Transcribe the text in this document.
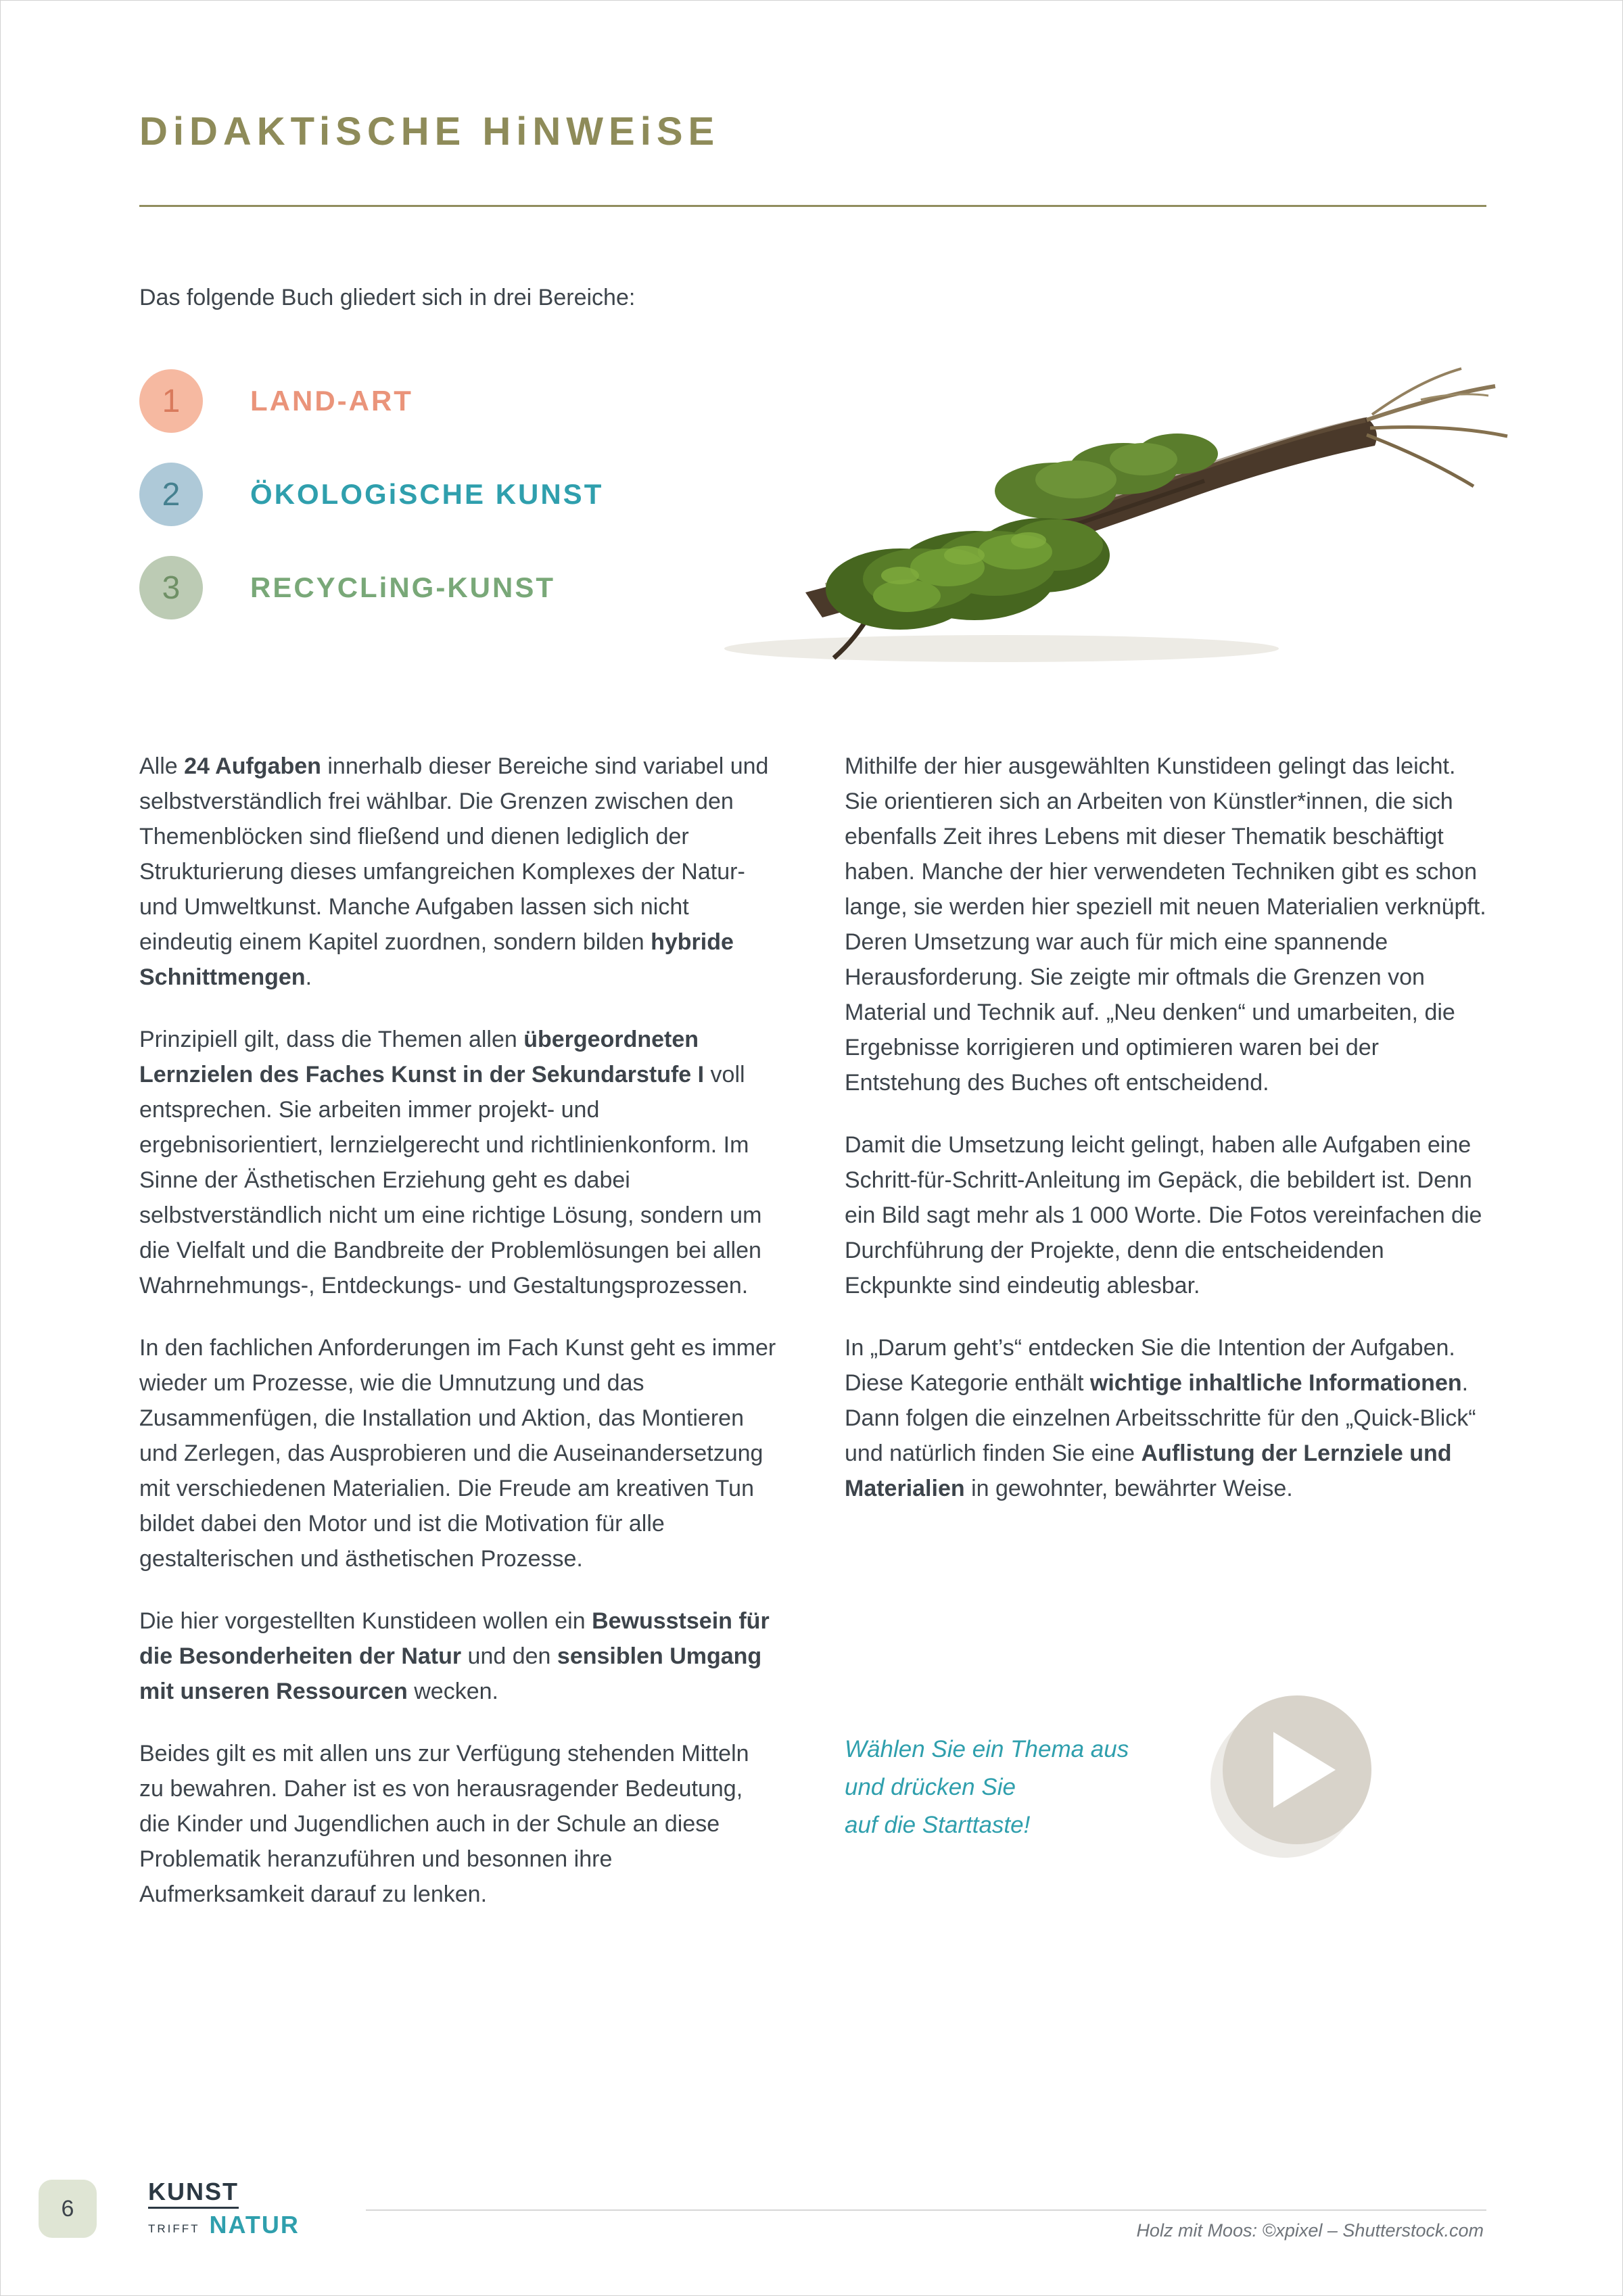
DiDAKTiSCHE HiNWEiSE
Das folgende Buch gliedert sich in drei Bereiche:
1	LAND-ART
2	ÖKOLOGiSCHE KUNST
3	RECYCLiNG-KUNST

Alle 24 Aufgaben innerhalb dieser Bereiche sind variabel und selbstverständlich frei wählbar. Die Grenzen zwischen den Themenblöcken sind fließend und dienen lediglich der Strukturierung dieses umfangreichen Komplexes der Natur- und Umweltkunst. Manche Aufgaben lassen sich nicht eindeutig einem Kapitel zuordnen, sondern bilden hybride Schnittmengen.

Prinzipiell gilt, dass die Themen allen übergeordneten Lernzielen des Faches Kunst in der Sekundarstufe I voll entsprechen. Sie arbeiten immer projekt- und ergebnisorientiert, lernzielgerecht und richtlinienkonform. Im Sinne der Ästhetischen Erziehung geht es dabei selbstverständlich nicht um eine richtige Lösung, sondern um die Vielfalt und die Bandbreite der Problemlösungen bei allen Wahrnehmungs-, Entdeckungs- und Gestaltungsprozessen.

In den fachlichen Anforderungen im Fach Kunst geht es immer wieder um Prozesse, wie die Umnutzung und das Zusammenfügen, die Installation und Aktion, das Montieren und Zerlegen, das Ausprobieren und die Auseinandersetzung mit verschiedenen Materialien. Die Freude am kreativen Tun bildet dabei den Motor und ist die Motivation für alle gestalterischen und ästhetischen Prozesse.

Die hier vorgestellten Kunstideen wollen ein Bewusstsein für die Besonderheiten der Natur und den sensiblen Umgang mit unseren Ressourcen wecken.

Beides gilt es mit allen uns zur Verfügung stehenden Mitteln zu bewahren. Daher ist es von herausragender Bedeutung, die Kinder und Jugendlichen auch in der Schule an diese Problematik heranzuführen und besonnen ihre Aufmerksamkeit darauf zu lenken.

Mithilfe der hier ausgewählten Kunstideen gelingt das leicht. Sie orientieren sich an Arbeiten von Künstler*innen, die sich ebenfalls Zeit ihres Lebens mit dieser Thematik beschäftigt haben. Manche der hier verwendeten Techniken gibt es schon lange, sie werden hier speziell mit neuen Materialien verknüpft. Deren Umsetzung war auch für mich eine spannende Herausforderung. Sie zeigte mir oftmals die Grenzen von Material und Technik auf. „Neu denken“ und umarbeiten, die Ergebnisse korrigieren und optimieren waren bei der Entstehung des Buches oft entscheidend.

Damit die Umsetzung leicht gelingt, haben alle Aufgaben eine Schritt-für-Schritt-Anleitung im Gepäck, die bebildert ist. Denn ein Bild sagt mehr als 1 000 Worte. Die Fotos vereinfachen die Durchführung der Projekte, denn die entscheidenden Eckpunkte sind eindeutig ablesbar.

In „Darum geht’s“ entdecken Sie die Intention der Aufgaben. Diese Kategorie enthält wichtige inhaltliche Informationen. Dann folgen die einzelnen Arbeitsschritte für den „Quick-Blick“ und natürlich finden Sie eine Auflistung der Lernziele und Materialien in gewohnter, bewährter Weise.

Wählen Sie ein Thema aus
und drücken Sie
auf die Starttaste!
6
KUNST
TRIFFT NATUR	Holz mit Moos: ©xpixel – Shutterstock.com
